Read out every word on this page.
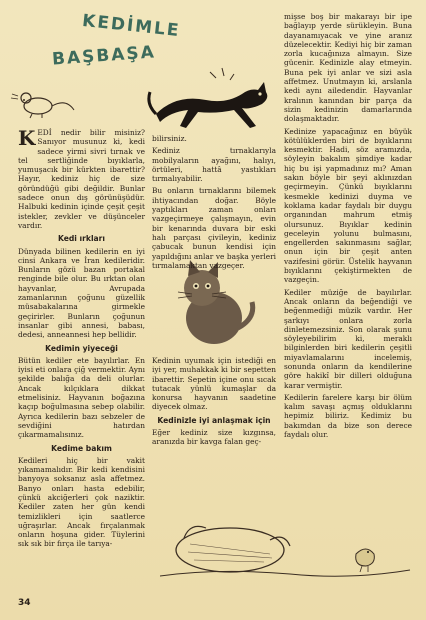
KEDİMLE
BAŞBAŞA

KEDİ nedir bilir misiniz? Sanıyor musunuz ki, kedi sadece yirmi sivri tırnak ve tel sertliğinde bıyıklarla, yumuşacık bir kürkten ibarettir? Hayır, kediniz hiç de size göründüğü gibi değildir. Bunlar sadece onun dış görünüşüdür. Halbuki kedinin içinde çeşit çeşit istekler, zevkler ve düşünceler vardır.

Kedi ırkları

Dünyada bilinen kedilerin en iyi cinsi Ankara ve İran kedileridir. Bunların gözü bazan portakal renginde bile olur. Bu ırktan olan hayvanlar, Avrupada zamanlarının çoğunu güzellik müsabakalarına girmekle geçirirler. Bunların çoğunun insanlar gibi annesi, babası, dedesi, anneannesi hep bellidir.

Kedimin yiyeceği

Bütün kediler ete bayılırlar. En iyisi eti onlara çiğ vermektir. Aynı şekilde balığa da deli olurlar. Ancak kılçıklara dikkat etmelisiniz. Hayvanın boğazına kaçıp boğulmasına sebep olabilir. Ayrıca kedilerin bazı sebzeler de sevdiğini hatırdan çıkarmamalısınız.

Kedime bakım

Kedileri hiç bir vakit yıkamamalıdır. Bir kedi kendisini banyoya soksanız asla affetmez. Banyo onları hasta edebilir, çünkü akciğerleri çok naziktir. Kediler zaten her gün kendi temizlikleri için saatlerce uğraşırlar. Ancak fırçalanmak onların hoşuna gider. Tüylerini sık sık bir fırça ile tarıya-

bilirsiniz.

Kediniz tırnaklarıyla mobilyaların ayağını, halıyı, örtüleri, hattâ yastıkları tırmalıyabilir.

Bu onların tırnaklarını bilemek ihtiyacından doğar. Böyle yaptıkları zaman onları vazgeçirmeye çalışmayın, evin bir kenarında duvara bir eski halı parçası çivileyin, kediniz çabucak bunun kendisi için yapıldığını anlar ve başka yerleri tırmalamaktan vazgeçer.

Kedinin uyumak için istediği en iyi yer, muhakkak ki bir sepetten ibarettir. Sepetin içine onu sıcak tutacak yünlü kumaşlar da konursa hayvanın saadetine diyecek olmaz.

Kedinizle iyi anlaşmak için

Eğer kediniz size kızgınsa, aranızda bir kavga falan geç-

mişse boş bir makarayı bir ipe bağlayıp yerde sürükleyin. Buna dayanamıyacak ve yine aranız düzelecektir. Kediyi hiç bir zaman zorla kucağınıza almayın. Size gücenir. Kedinizle alay etmeyin. Buna pek iyi anlar ve sizi asla affetmez. Unutmayın ki, arslanla kedi aynı ailedendir. Hayvanlar kralının kanından bir parça da sizin kedinizin damarlarında dolaşmaktadır.

Kedinize yapacağınız en büyük kötülüklerden biri de bıyıklarını kesmektir. Hadi, söz aramızda, söyleyin bakalım şimdiye kadar hiç bu işi yapmadınız mı? Aman sakın böyle bir şeyi aklınızdan geçirmeyin. Çünkü bıyıklarını kesmekle kedinizi duyma ve koklama kadar faydalı bir duygu organından mahrum etmiş olursunuz. Bıyıklar kedinin geceleyin yolunu bulmasını, engellerden sakınmasını sağlar, onun için bir çeşit anten vazifesini görür. Üstelik hayvanın bıyıklarını çekiştirmekten de vazgeçin.

Kediler müziğe de bayılırlar. Ancak onların da beğendiği ve beğenmediği müzik vardır. Her şarkıyı onlara zorla dinletemezsiniz. Son olarak şunu söyleyebilirim ki, meraklı bilginlerden biri kedilerin çeşitli miyavlamalarını incelemiş, sonunda onların da kendilerine göre hakikî bir dilleri olduğuna karar vermiştir.

Kedilerin farelere karşı bir ölüm kalım savaşı açmış olduklarını hepimiz biliriz. Kedimiz bu bakımdan da bize son derece faydalı olur.

34
